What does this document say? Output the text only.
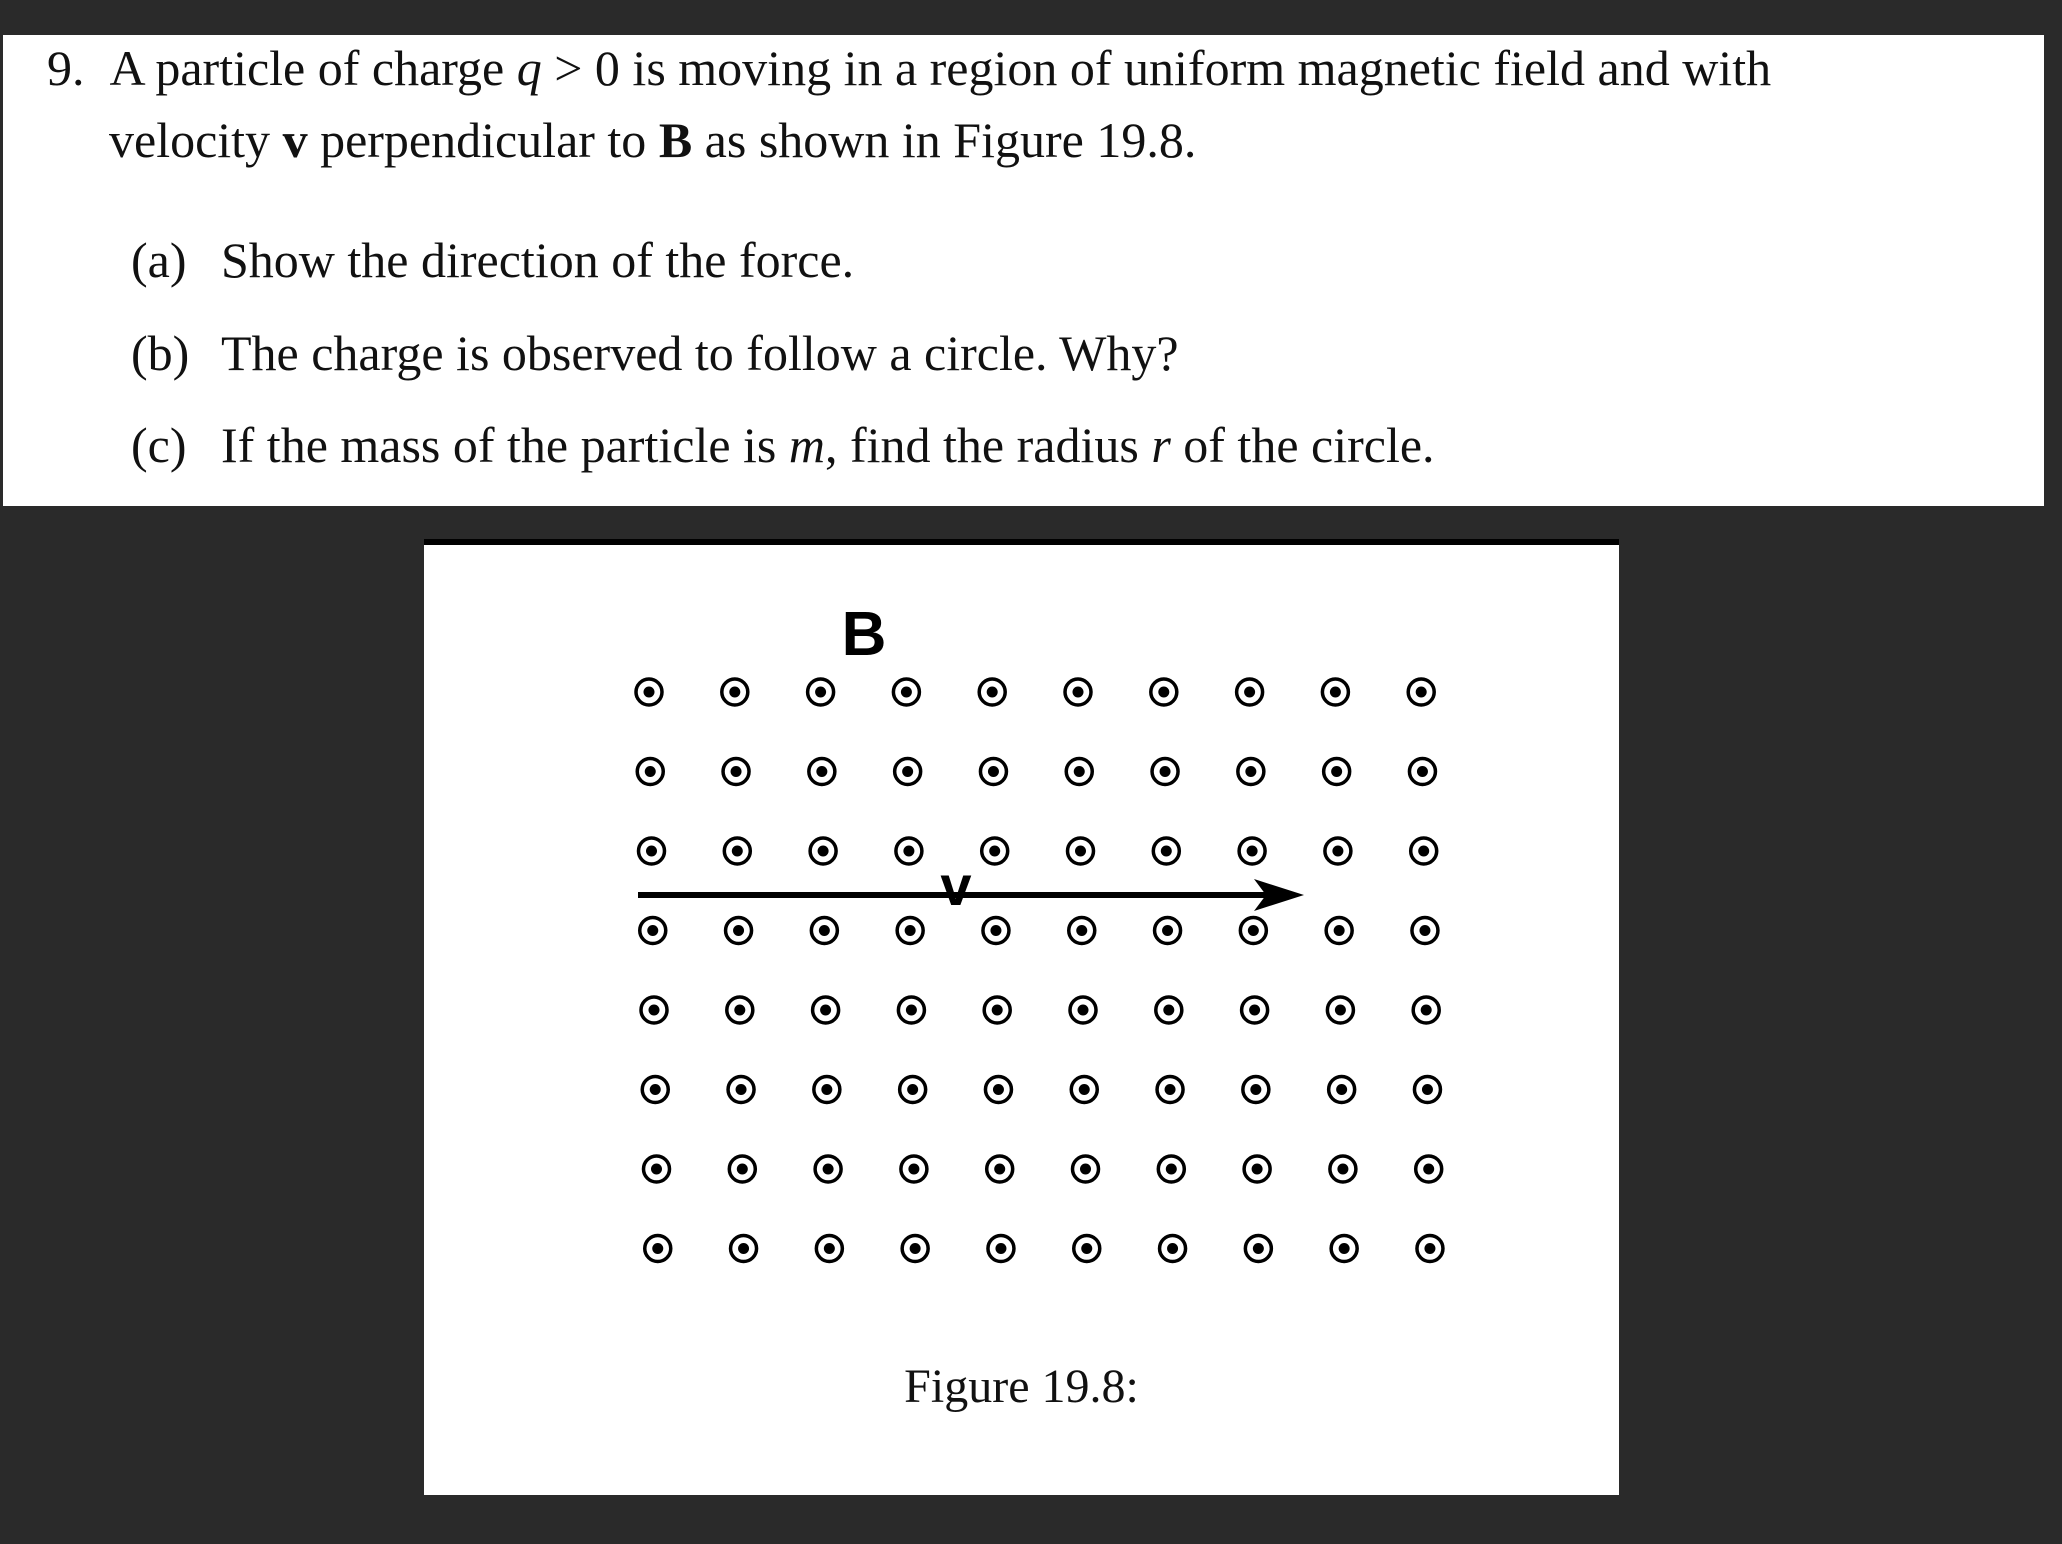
9. A particle of charge q > 0 is moving in a region of uniform magnetic field and with
velocity v perpendicular to B as shown in Figure 19.8.
(a) Show the direction of the force.
(b) The charge is observed to follow a circle. Why?
(c) If the mass of the particle is m, find the radius r of the circle.
B
v
Figure 19.8:
